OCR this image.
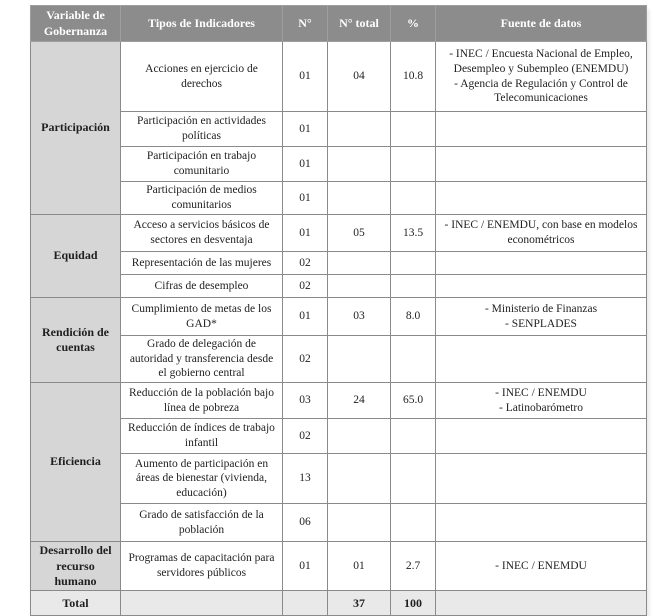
Variable de Gobernanza	Tipos de Indicadores	N°	N° total	%	Fuente de datos
Participación	Acciones en ejercicio de derechos	01	04	10.8	- INEC / Encuesta Nacional de Empleo, Desempleo y Subempleo (ENEMDU)
- Agencia de Regulación y Control de Telecomunicaciones

	Participación en actividades políticas	01			
	Participación en trabajo comunitario	01			
	Participación de medios comunitarios	01			
Equidad	Acceso a servicios básicos de sectores en desventaja	01	05	13.5	- INEC / ENEMDU, con base en modelos econométricos

	Representación de las mujeres	02			
	Cifras de desempleo	02			
Rendición de cuentas	Cumplimiento de metas de los GAD*	01	03	8.0	- Ministerio de Finanzas
- SENPLADES

	Grado de delegación de autoridad y transferencia desde el gobierno central	02			
Eficiencia	Reducción de la población bajo línea de pobreza	03	24	65.0	- INEC / ENEMDU
- Latinobarómetro

	Reducción de índices de trabajo infantil	02			
	Aumento de participación en áreas de bienestar (vivienda, educación)	13			
	Grado de satisfacción de la población	06			
Desarrollo del recurso humano	Programas de capacitación para servidores públicos	01	01	2.7	- INEC / ENEMDU

Total			37	100	
